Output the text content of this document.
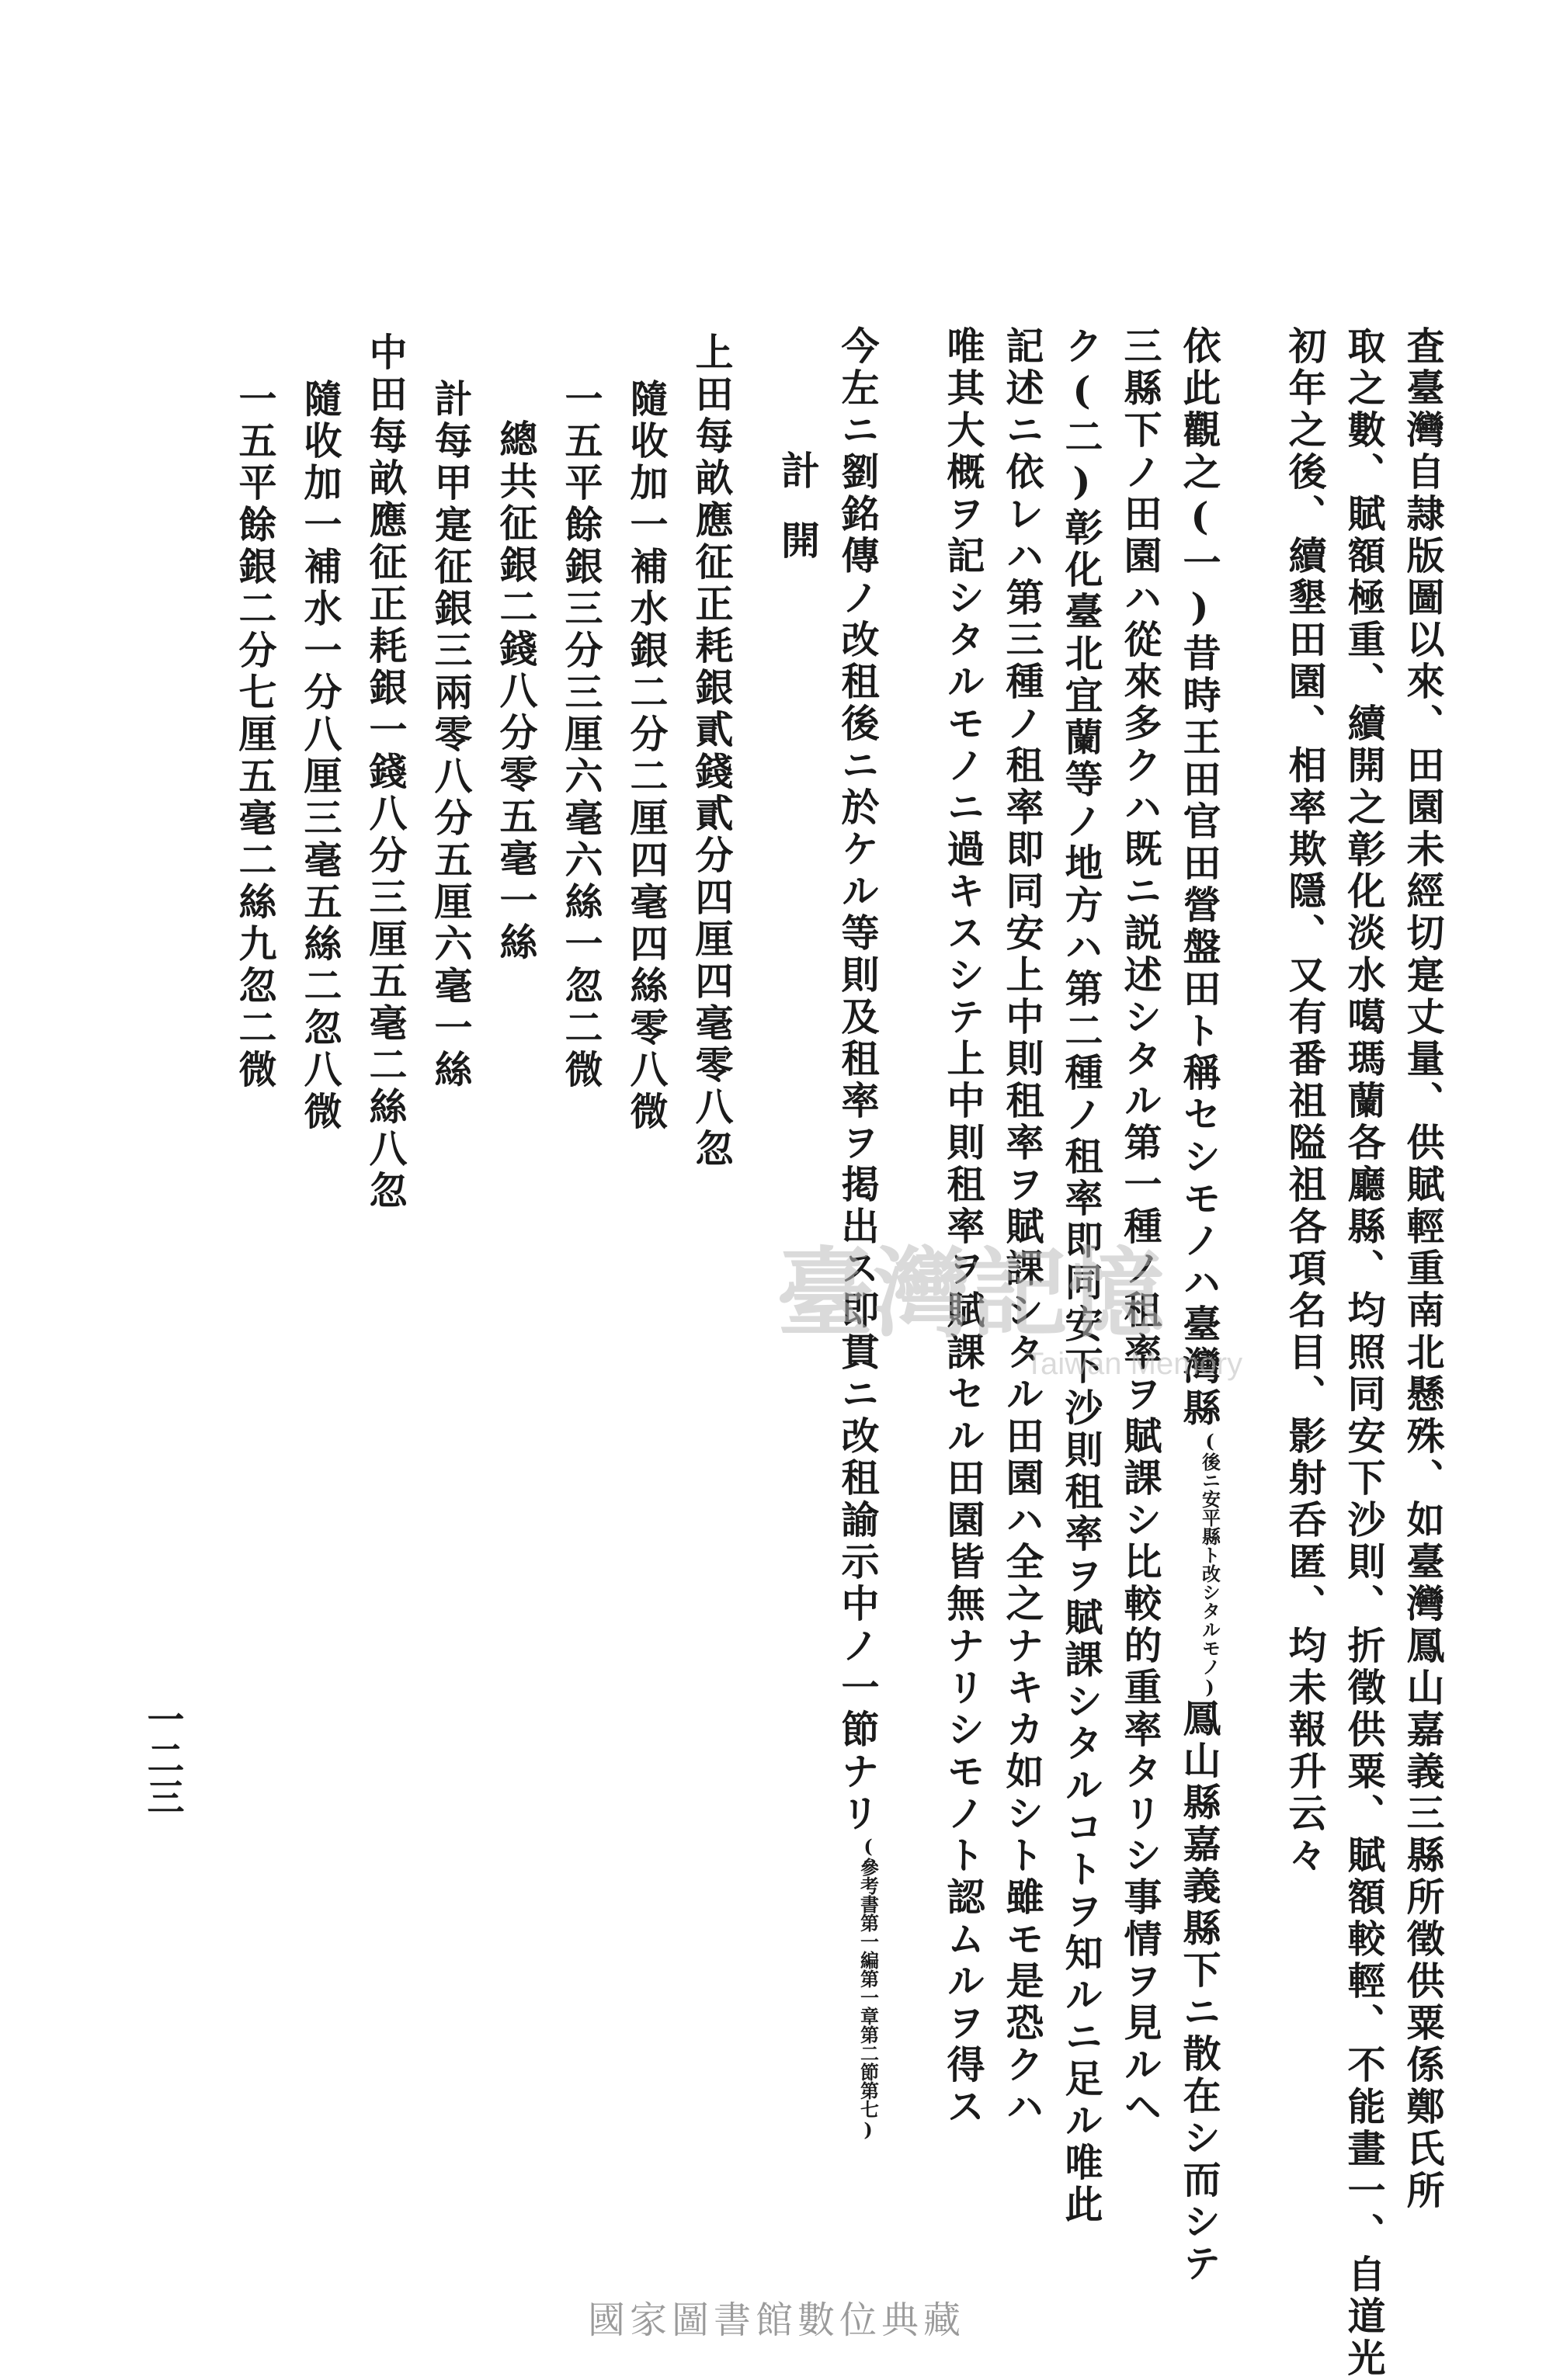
査臺灣自隷版圖以來、田園未經切寔丈量、供賦輕重南北懸殊、如臺灣鳳山嘉義三縣所徵供粟係鄭氏所
取之數、賦額極重、續開之彰化淡水噶瑪蘭各廳縣、均照同安下沙則、折徵供粟、賦額較輕、不能畫一、自道光
初年之後、續墾田園、相率欺隱、又有番祖隘祖各項名目、影射呑匿、均未報升云々
依此觀之(一)昔時王田官田營盤田ト稱セシモノハ臺灣縣(後ニ安平縣ト改シタルモノ)鳳山縣嘉義縣下ニ散在シ而シテ
三縣下ノ田園ハ從來多クハ既ニ説述シタル第一種ノ租率ヲ賦課シ比較的重率タリシ事情ヲ見ルヘ
ク(二)彰化臺北宜蘭等ノ地方ハ第二種ノ租率即同安下沙則租率ヲ賦課シタルコトヲ知ルニ足ル唯此
記述ニ依レハ第三種ノ租率即同安上中則租率ヲ賦課シタル田園ハ全之ナキカ如シト雖モ是恐クハ
唯其大概ヲ記シタルモノニ過キスシテ上中則租率ヲ賦課セル田園皆無ナリシモノト認ムルヲ得ス
今左ニ劉銘傳ノ改租後ニ於ケル等則及租率ヲ掲出ス即貫ニ改租諭示中ノ一節ナリ(參考書第一編第一章第二節第七)
計開
上田每畝應征正耗銀貳錢貳分四厘四毫零八忽
隨收加一補水銀二分二厘四毫四絲零八微
一五平餘銀三分三厘六毫六絲一忽二微
總共征銀二錢八分零五毫一絲
計每甲寔征銀三兩零八分五厘六毫一絲
中田每畝應征正耗銀一錢八分三厘五毫二絲八忽
隨收加一補水一分八厘三毫五絲二忽八微
一五平餘銀二分七厘五毫二絲九忽二微
一二三
臺灣記憶
Taiwan Memory
國家圖書館數位典藏
